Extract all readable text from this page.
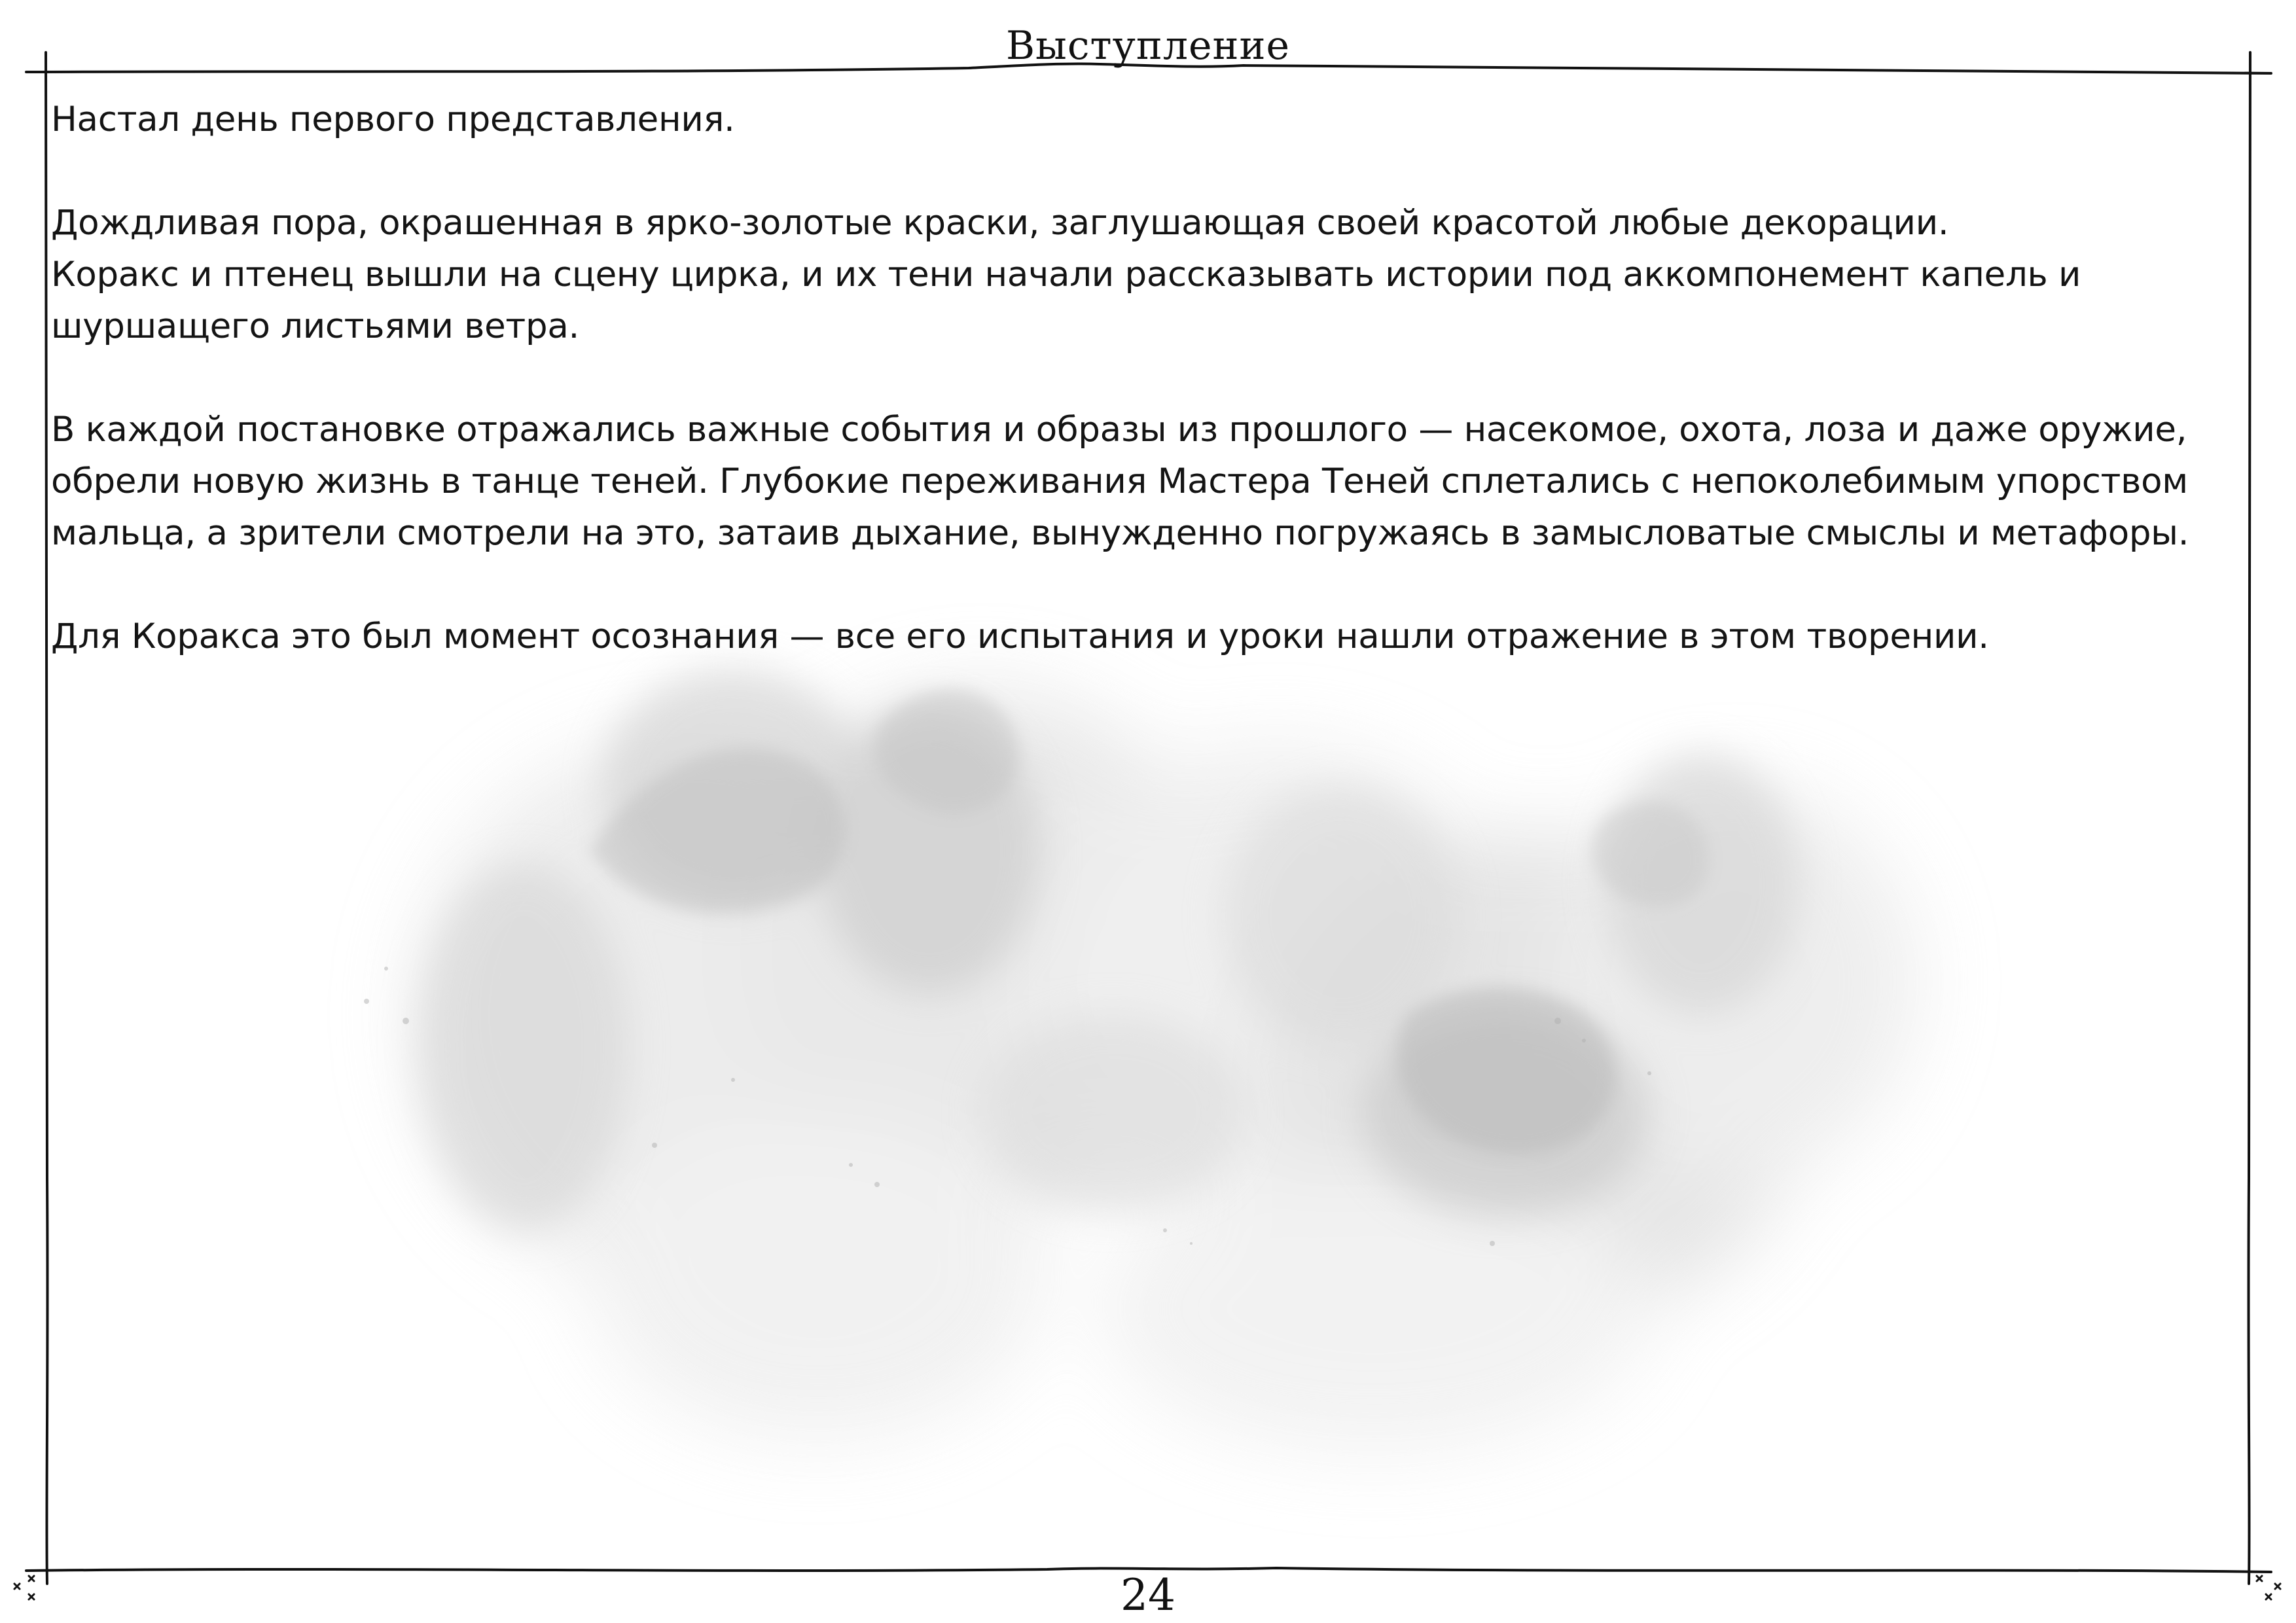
Выступление

Настал день первого представления.

Дождливая пора, окрашенная в ярко-золотые краски, заглушающая своей красотой любые декорации.

Коракс и птенец вышли на сцену цирка, и их тени начали рассказывать истории под аккомпонемент капель и шуршащего листьями ветра.

В каждой постановке отражались важные события и образы из прошлого — насекомое, охота, лоза и даже оружие, обрели новую жизнь в танце теней. Глубокие переживания Мастера Теней сплетались с непоколебимым упорством мальца, а зрители смотрели на это, затаив дыхание, вынужденно погружаясь в замысловатые смыслы и метафоры.

Для Коракса это был момент осознания — все его испытания и уроки нашли отражение в этом творении.

24
